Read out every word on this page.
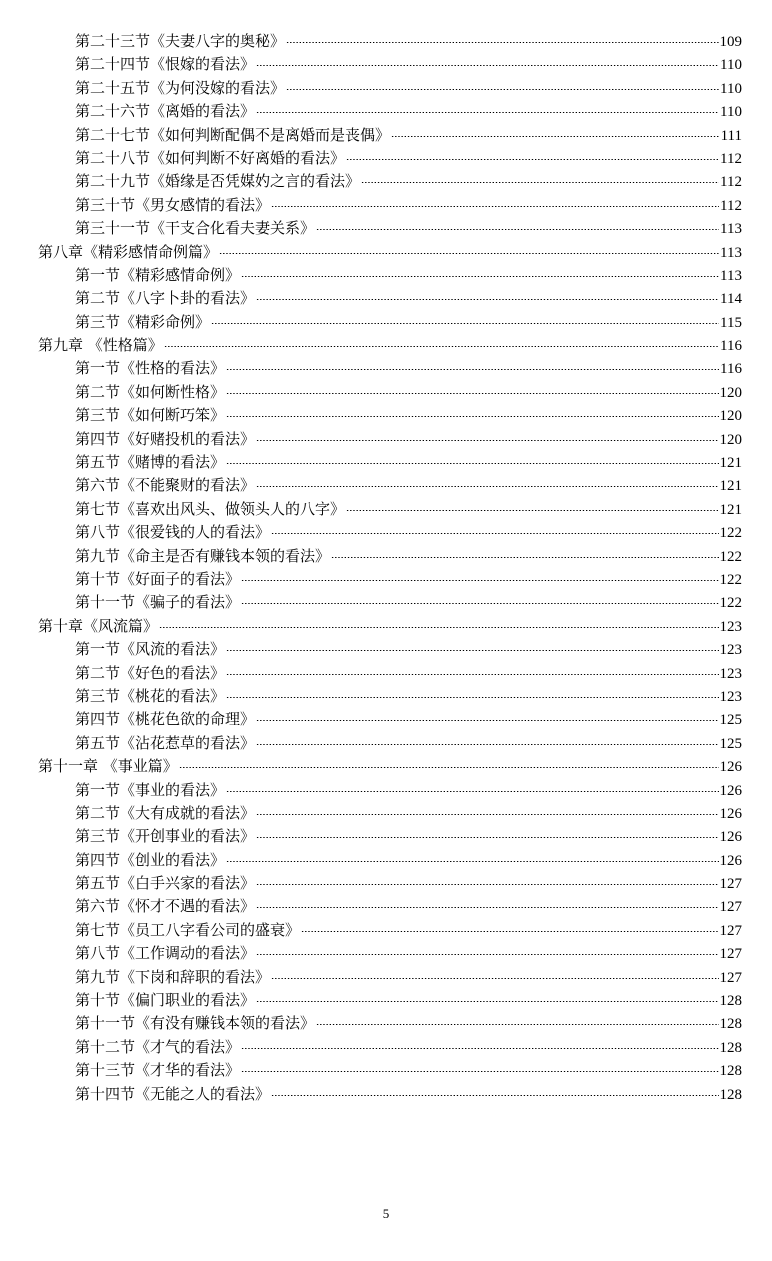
第二十三节《夫妻八字的奥秘》	109
第二十四节《恨嫁的看法》	110
第二十五节《为何没嫁的看法》	110
第二十六节《离婚的看法》	110
第二十七节《如何判断配偶不是离婚而是丧偶》	111
第二十八节《如何判断不好离婚的看法》	112
第二十九节《婚缘是否凭媒妁之言的看法》	112
第三十节《男女感情的看法》	112
第三十一节《干支合化看夫妻关系》	113
第八章《精彩感情命例篇》	113
第一节《精彩感情命例》	113
第二节《八字卜卦的看法》	114
第三节《精彩命例》	115
第九章 《性格篇》	116
第一节《性格的看法》	116
第二节《如何断性格》	120
第三节《如何断巧笨》	120
第四节《好赌投机的看法》	120
第五节《赌博的看法》	121
第六节《不能聚财的看法》	121
第七节《喜欢出风头、做领头人的八字》	121
第八节《很爱钱的人的看法》	122
第九节《命主是否有赚钱本领的看法》	122
第十节《好面子的看法》	122
第十一节《骗子的看法》	122
第十章《风流篇》	123
第一节《风流的看法》	123
第二节《好色的看法》	123
第三节《桃花的看法》	123
第四节《桃花色欲的命理》	125
第五节《沾花惹草的看法》	125
第十一章 《事业篇》	126
第一节《事业的看法》	126
第二节《大有成就的看法》	126
第三节《开创事业的看法》	126
第四节《创业的看法》	126
第五节《白手兴家的看法》	127
第六节《怀才不遇的看法》	127
第七节《员工八字看公司的盛衰》	127
第八节《工作调动的看法》	127
第九节《下岗和辞职的看法》	127
第十节《偏门职业的看法》	128
第十一节《有没有赚钱本领的看法》	128
第十二节《才气的看法》	128
第十三节《才华的看法》	128
第十四节《无能之人的看法》	128
5
